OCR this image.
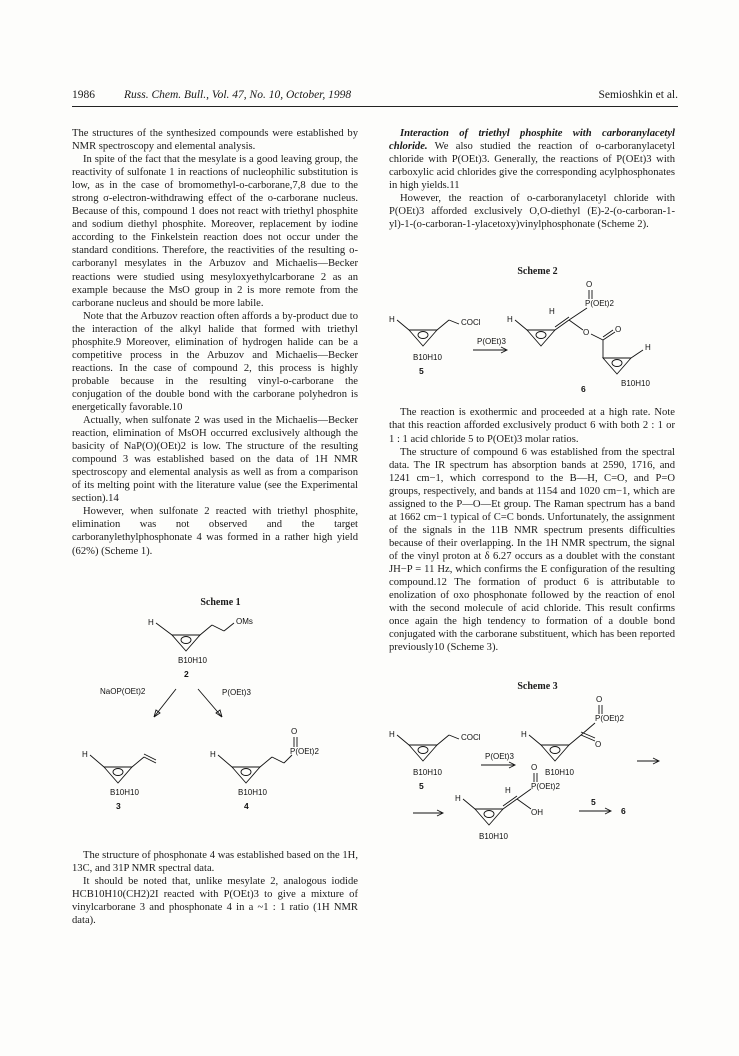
1986	Russ. Chem. Bull., Vol. 47, No. 10, October, 1998	Semioshkin et al.

The structures of the synthesized compounds were established by NMR spectroscopy and elemental analysis.

In spite of the fact that the mesylate is a good leaving group, the reactivity of sulfonate 1 in reactions of nucleophilic substitution is low, as in the case of bromomethyl-o-carborane,7,8 due to the strong σ-electron-withdrawing effect of the o-carborane nucleus. Because of this, compound 1 does not react with triethyl phosphite and sodium diethyl phosphite. Moreover, replacement by iodine according to the Finkelstein reaction does not occur under the standard conditions. Therefore, the reactivities of the resulting o-carboranyl mesylates in the Arbuzov and Michaelis—Becker reactions were studied using mesyloxyethylcarborane 2 as an example because the MsO group in 2 is more remote from the carborane nucleus and should be more labile.

Note that the Arbuzov reaction often affords a by-product due to the interaction of the alkyl halide that formed with triethyl phosphite.9 Moreover, elimination of hydrogen halide can be a competitive process in the Arbuzov and Michaelis—Becker reactions. In the case of compound 2, this process is highly probable because in the resulting vinyl-o-carborane the conjugation of the double bond with the carborane polyhedron is energetically favorable.10

Actually, when sulfonate 2 was used in the Michaelis—Becker reaction, elimination of MsOH occurred exclusively although the basicity of NaP(O)(OEt)2 is low. The structure of the resulting compound 3 was established based on the data of 1H NMR spectroscopy and elemental analysis as well as from a comparison of its melting point with the literature value (see the Experimental section).14

However, when sulfonate 2 reacted with triethyl phosphite, elimination was not observed and the target carboranylethylphosphonate 4 was formed in a rather high yield (62%) (Scheme 1).

Scheme 1

H	OMs
B10H10
2
NaOP(OEt)2	P(OEt)3
H
B10H10
3
H	P(OEt)2
O
B10H10
4

The structure of phosphonate 4 was established based on the 1H, 13C, and 31P NMR spectral data.

It should be noted that, unlike mesylate 2, analogous iodide HCB10H10(CH2)2I reacted with P(OEt)3 to give a mixture of vinylcarborane 3 and phosphonate 4 in a ~1 : 1 ratio (1H NMR data).

Interaction of triethyl phosphite with carboranylacetyl chloride. We also studied the reaction of o-carboranylacetyl chloride with P(OEt)3. Generally, the reactions of P(OEt)3 with carboxylic acid chlorides give the corresponding acylphosphonates in high yields.11

However, the reaction of o-carboranylacetyl chloride with P(OEt)3 afforded exclusively O,O-diethyl (E)-2-(o-carboran-1-yl)-1-(o-carboran-1-ylacetoxy)vinylphosphonate (Scheme 2).

Scheme 2

H	COCl
B10H10
5
P(OEt)3
H
H
P(OEt)2
O
O	O
H
B10H10
6

The reaction is exothermic and proceeded at a high rate. Note that this reaction afforded exclusively product 6 with both 2 : 1 or 1 : 1 acid chloride 5 to P(OEt)3 molar ratios.

The structure of compound 6 was established from the spectral data. The IR spectrum has absorption bands at 2590, 1716, and 1241 cm−1, which correspond to the B—H, C=O, and P=O groups, respectively, and bands at 1154 and 1020 cm−1, which are assigned to the P—O—Et group. The Raman spectrum has a band at 1662 cm−1 typical of C=C bonds. Unfortunately, the assignment of the signals in the 11B NMR spectrum presents difficulties because of their overlapping. In the 1H NMR spectrum, the signal of the vinyl proton at δ 6.27 occurs as a doublet with the constant JH−P = 11 Hz, which confirms the E configuration of the resulting compound.12 The formation of product 6 is attributable to enolization of oxo phosphonate followed by the reaction of enol with the second molecule of acid chloride. This result confirms once again the high tendency to formation of a double bond conjugated with the carborane substituent, which has been reported previously10 (Scheme 3).

Scheme 3

H	COCl
B10H10
5
P(OEt)3
H
O
P(OEt)2
O
B10H10
H
H	P(OEt)2
O
OH
B10H10
5
6
